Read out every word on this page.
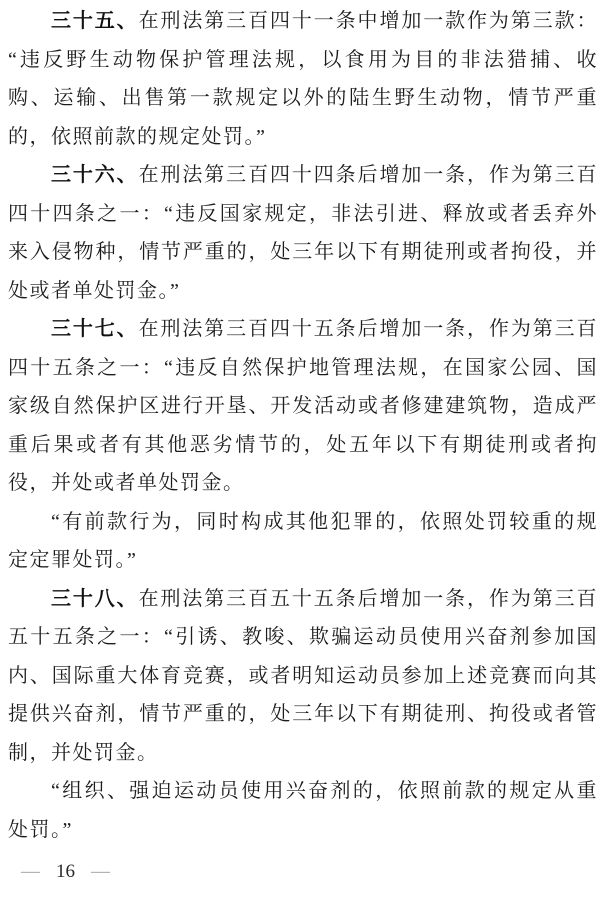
三十五、在刑法第三百四十一条中增加一款作为第三款：“违反野生动物保护管理法规，以食用为目的非法猎捕、收购、运输、出售第一款规定以外的陆生野生动物，情节严重的，依照前款的规定处罚。”

三十六、在刑法第三百四十四条后增加一条，作为第三百四十四条之一：“违反国家规定，非法引进、释放或者丢弃外来入侵物种，情节严重的，处三年以下有期徒刑或者拘役，并处或者单处罚金。”

三十七、在刑法第三百四十五条后增加一条，作为第三百四十五条之一：“违反自然保护地管理法规，在国家公园、国家级自然保护区进行开垦、开发活动或者修建建筑物，造成严重后果或者有其他恶劣情节的，处五年以下有期徒刑或者拘役，并处或者单处罚金。

“有前款行为，同时构成其他犯罪的，依照处罚较重的规定定罪处罚。”

三十八、在刑法第三百五十五条后增加一条，作为第三百五十五条之一：“引诱、教唆、欺骗运动员使用兴奋剂参加国内、国际重大体育竞赛，或者明知运动员参加上述竞赛而向其提供兴奋剂，情节严重的，处三年以下有期徒刑、拘役或者管制，并处罚金。

“组织、强迫运动员使用兴奋剂的，依照前款的规定从重处罚。”

— 16 —
